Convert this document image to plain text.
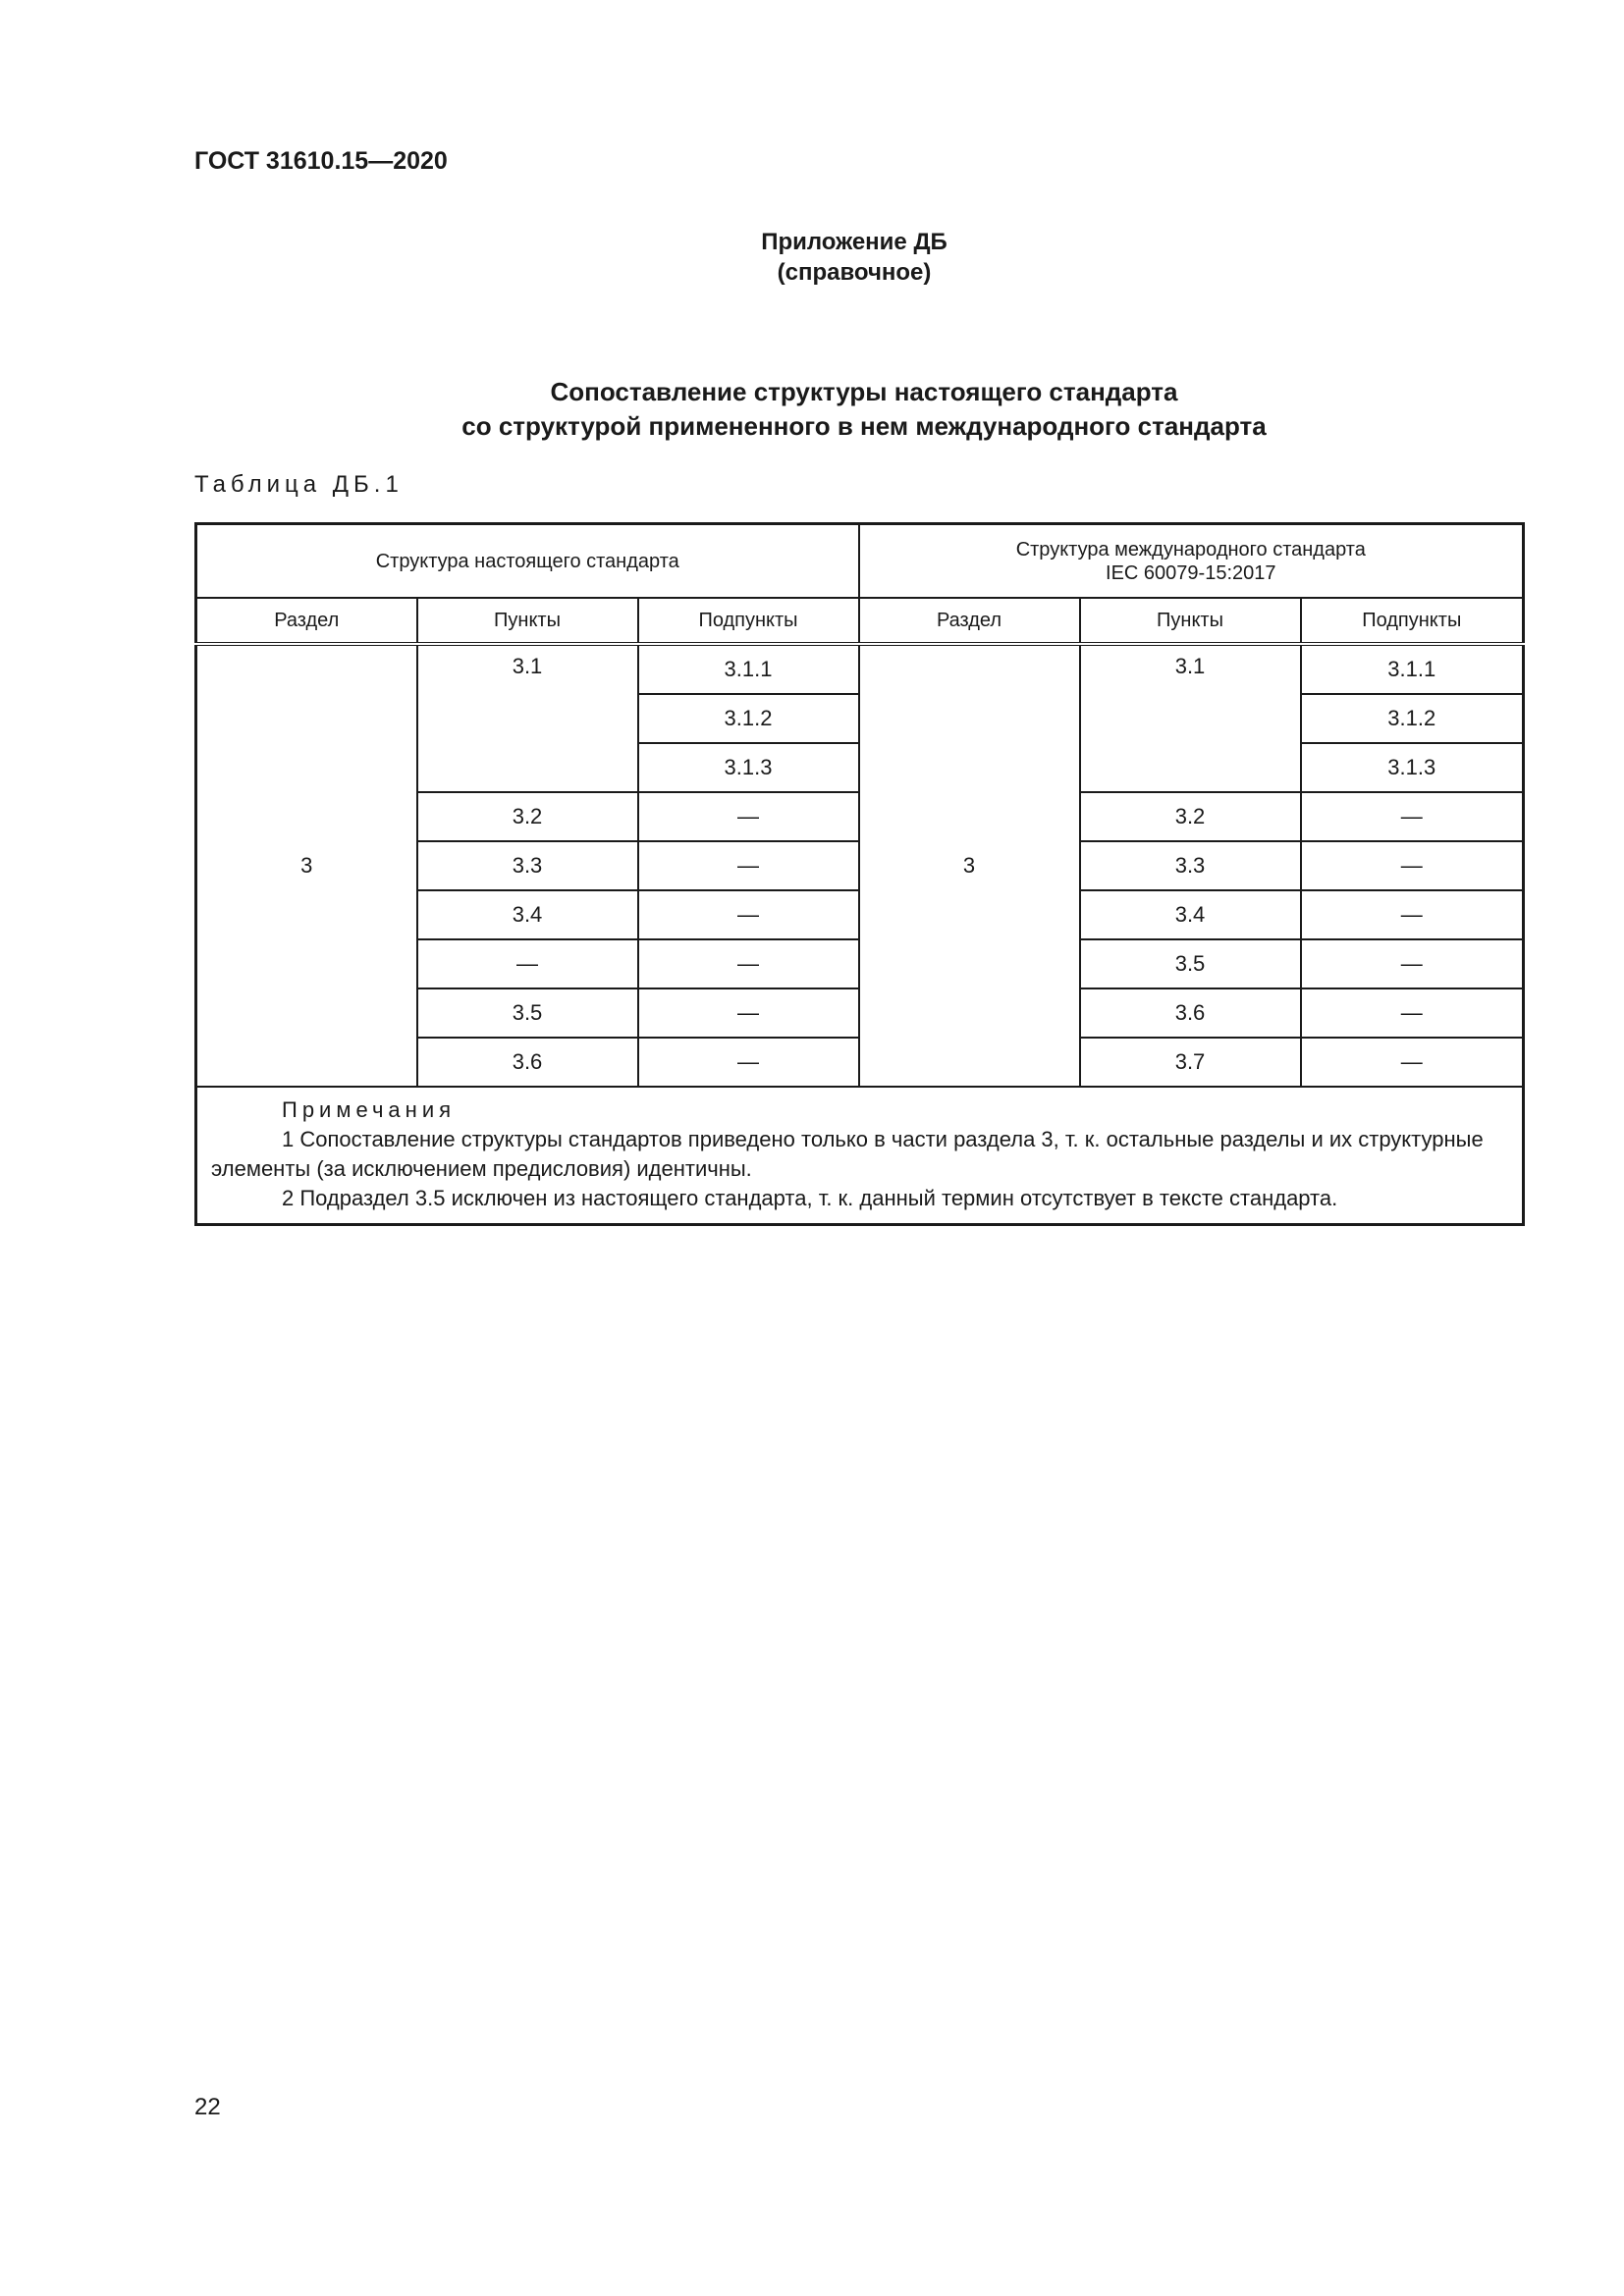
ГОСТ 31610.15—2020
Приложение ДБ
(справочное)
Сопоставление структуры настоящего стандарта
со структурой примененного в нем международного стандарта
Таблица ДБ.1
Структура настоящего стандарта			Структура международного стандарта
IEC 60079-15:2017		

Раздел	Пункты	Подпункты	Раздел	Пункты	Подпункты
3	3.1	3.1.1	3	3.1	3.1.1
		3.1.2			3.1.2
		3.1.3			3.1.3
	3.2	—		3.2	—
	3.3	—		3.3	—
	3.4	—		3.4	—
	—	—		3.5	—
	3.5	—		3.6	—
	3.6	—		3.7	—

Примечания
1 Сопоставление структуры стандартов приведено только в части раздела 3, т. к. остальные разделы и их структурные элементы (за исключением предисловия) идентичны.
2 Подраздел 3.5 исключен из настоящего стандарта, т. к. данный термин отсутствует в тексте стандарта.					
22
